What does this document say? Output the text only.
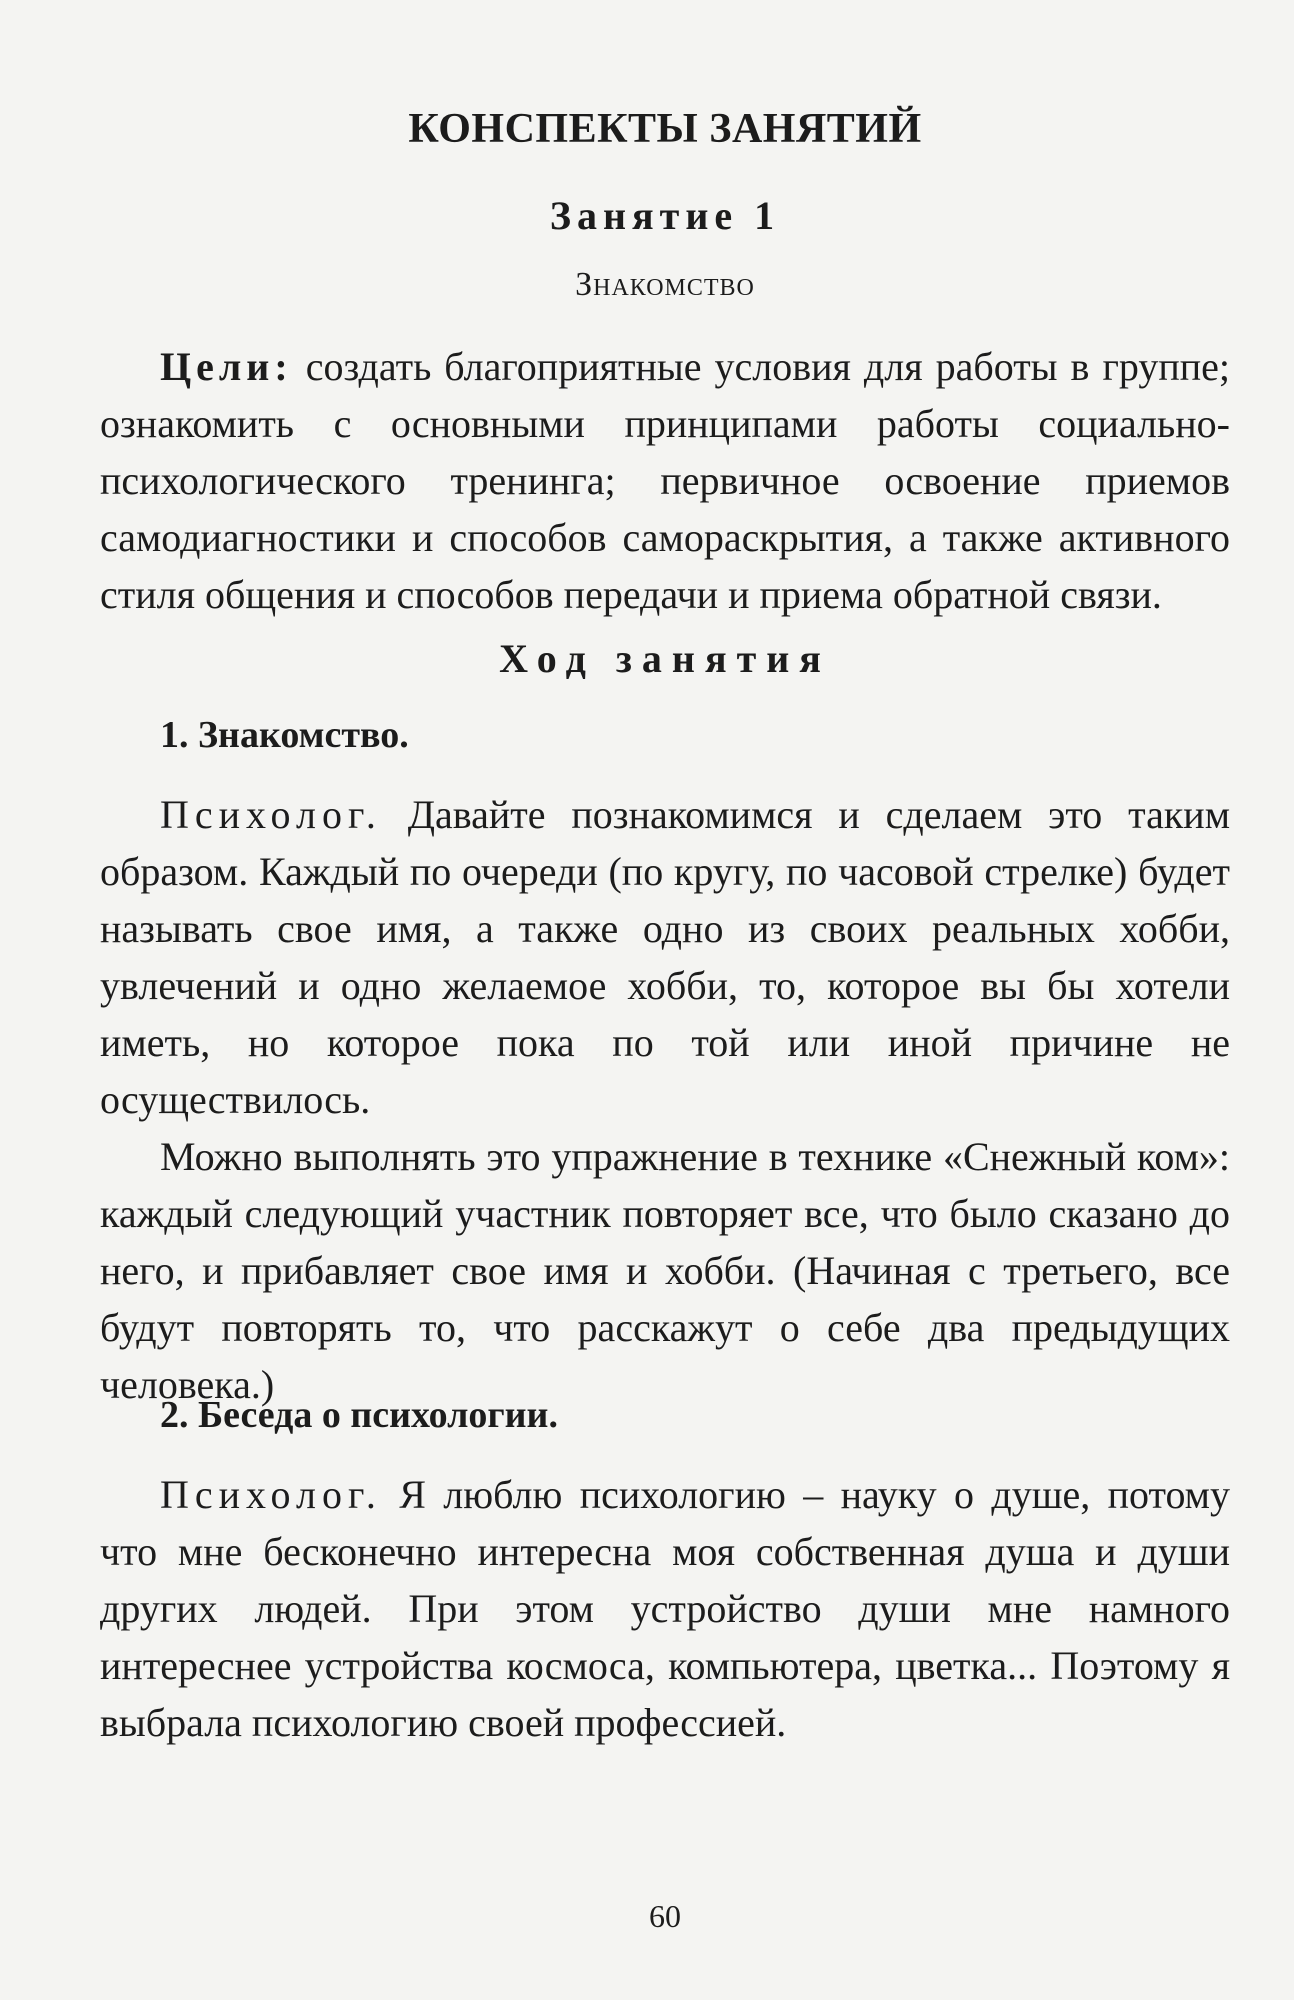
КОНСПЕКТЫ ЗАНЯТИЙ
Занятие 1
Знакомство

Цели: создать благоприятные условия для работы в группе; ознакомить с основными принципами работы социально-психологического тренинга; первичное освоение приемов самодиагностики и способов самораскрытия, а также активного стиля общения и способов передачи и приема обратной связи.

Ход занятия

1. Знакомство.

Психолог. Давайте познакомимся и сделаем это таким образом. Каждый по очереди (по кругу, по часовой стрелке) будет называть свое имя, а также одно из своих реальных хобби, увлечений и одно желаемое хобби, то, которое вы бы хотели иметь, но которое пока по той или иной причине не осуществилось.

Можно выполнять это упражнение в технике «Снежный ком»: каждый следующий участник повторяет все, что было сказано до него, и прибавляет свое имя и хобби. (Начиная с третьего, все будут повторять то, что расскажут о себе два предыдущих человека.)

2. Беседа о психологии.

Психолог. Я люблю психологию – науку о душе, потому что мне бесконечно интересна моя собственная душа и души других людей. При этом устройство души мне намного интереснее устройства космоса, компьютера, цветка... Поэтому я выбрала психологию своей профессией.

60
